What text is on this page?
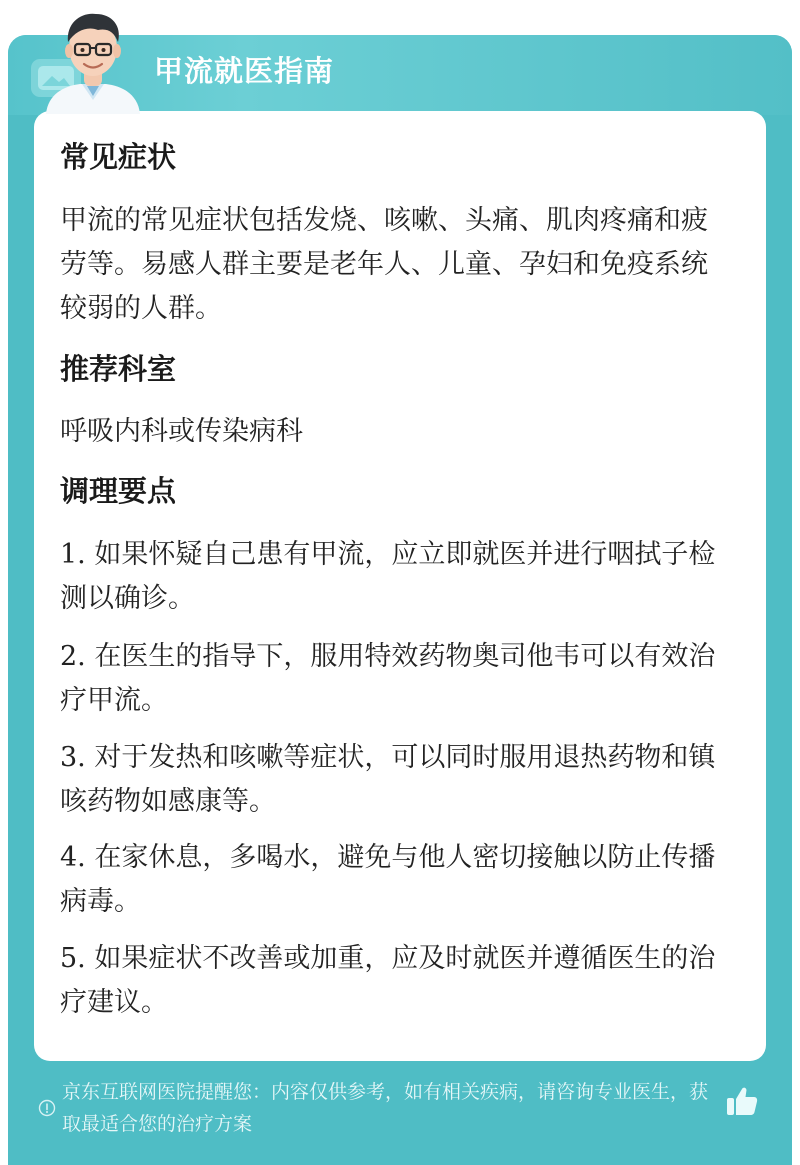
甲流就医指南
常见症状
甲流的常见症状包括发烧、咳嗽、头痛、肌肉疼痛和疲劳等。易感人群主要是老年人、儿童、孕妇和免疫系统较弱的人群。
推荐科室
呼吸内科或传染病科
调理要点
1. 如果怀疑自己患有甲流，应立即就医并进行咽拭子检测以确诊。
2. 在医生的指导下，服用特效药物奥司他韦可以有效治疗甲流。
3. 对于发热和咳嗽等症状，可以同时服用退热药物和镇咳药物如感康等。
4. 在家休息，多喝水，避免与他人密切接触以防止传播病毒。
5. 如果症状不改善或加重，应及时就医并遵循医生的治疗建议。
京东互联网医院提醒您：内容仅供参考，如有相关疾病，请咨询专业医生，获取最适合您的治疗方案
